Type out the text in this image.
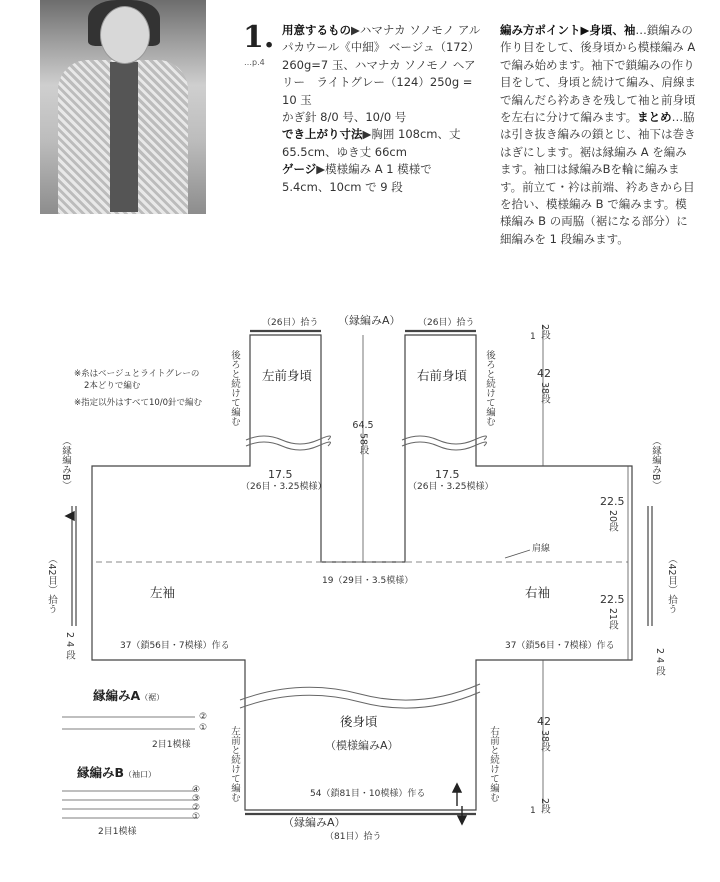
1.
…p.4
用意するもの▶ハマナカ ソノモノ アルパカウール《中細》 ベージュ（172）260g=7 玉、ハマナカ ソノモノ ヘアリー　ライトグレー（124）250g = 10 玉
かぎ針 8/0 号、10/0 号
でき上がり寸法▶胸囲 108cm、丈 65.5cm、ゆき丈 66cm
ゲージ▶模様編み A 1 模様で 5.4cm、10cm で 9 段
編み方ポイント▶身頃、袖…鎖編みの作り目をして、後身頃から模様編み A で編み始めます。袖下で鎖編みの作り目をして、身頃と続けて編み、肩線まで編んだら衿あきを残して袖と前身頃を左右に分けて編みます。まとめ…脇は引き抜き編みの鎖とじ、袖下は巻きはぎにします。裾は縁編み A を編みます。袖口は縁編みBを輪に編みます。前立て・衿は前端、衿あきから目を拾い、模様編み B で編みます。模様編み B の両脇（裾になる部分）に細編みを 1 段編みます。
※糸はベージュとライトグレーの
2本どりで編む
※指定以外はすべて10/0針で編む
（26目）拾う （縁編みA） （26目）拾う
左前身頃	右前身頃
後ろと続けて編む	後ろと続けて編む
64.5
58段
17.5
（26目・3.25模様）
17.5
（26目・3.25模様）
肩線
19（29目・3.5模様）
左袖	右袖
37（鎖56目・7模様）作る	37（鎖56目・7模様）作る
（縁編みB）	（縁編みB）
（42目）拾う	（42目）拾う
2 4 段
2 4 段
1 2段
42
38段
22.5
20段
22.5
21段
後身頃
（模様編みA）
左前と続けて編む	右前と続けて編む
42
38段
1 2段
54（鎖81目・10模様）作る
（縁編みA）
（81目）拾う
縁編みA（裾）
②
①
2目1模様
縁編みB（袖口）
④
③
②
①
2目1模様
